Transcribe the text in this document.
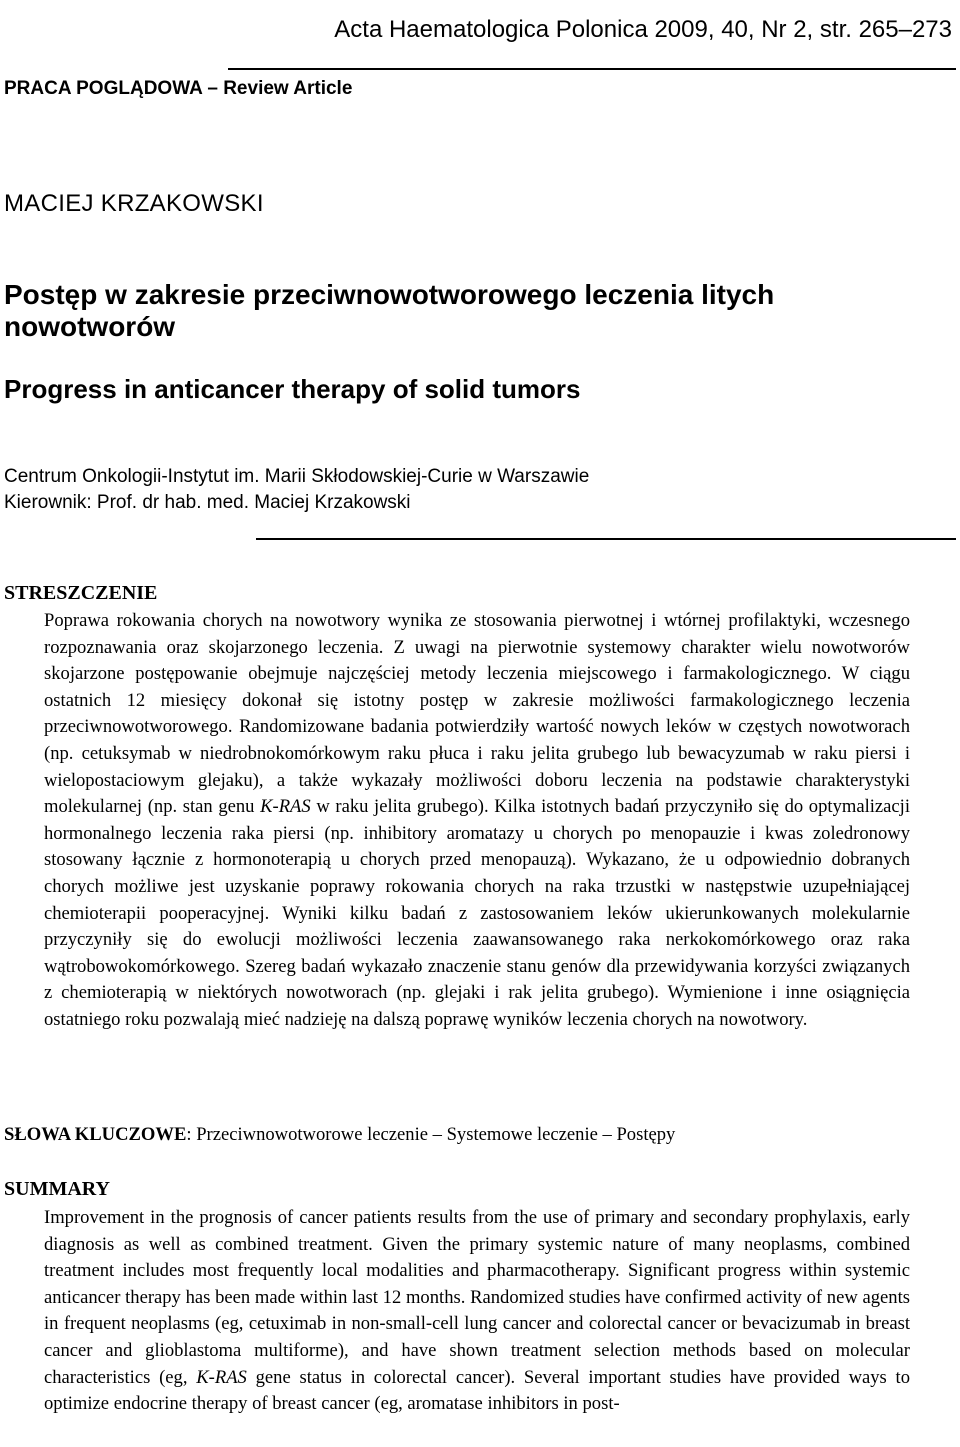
Acta Haematologica Polonica 2009, 40, Nr 2, str. 265–273
PRACA POGLĄDOWA – Review Article
MACIEJ KRZAKOWSKI
Postęp w zakresie przeciwnowotworowego leczenia litych nowotworów
Progress in anticancer therapy of solid tumors
Centrum Onkologii-Instytut im. Marii Skłodowskiej-Curie w Warszawie
Kierownik: Prof. dr hab. med. Maciej Krzakowski
STRESZCZENIE
Poprawa rokowania chorych na nowotwory wynika ze stosowania pierwotnej i wtórnej profilaktyki, wczesnego rozpoznawania oraz skojarzonego leczenia. Z uwagi na pierwotnie systemowy charakter wielu nowotworów skojarzone postępowanie obejmuje najczęściej metody leczenia miejscowego i farmakologicznego. W ciągu ostatnich 12 miesięcy dokonał się istotny postęp w zakresie możliwości farmakologicznego leczenia przeciwnowotworowego. Randomizowane badania potwierdziły wartość nowych leków w częstych nowotworach (np. cetuksymab w niedrobnokomórkowym raku płuca i raku jelita grubego lub bewacyzumab w raku piersi i wielopostaciowym glejaku), a także wykazały możliwości doboru leczenia na podstawie charakterystyki molekularnej (np. stan genu K-RAS w raku jelita grubego). Kilka istotnych badań przyczyniło się do optymalizacji hormonalnego leczenia raka piersi (np. inhibitory aromatazy u chorych po menopauzie i kwas zoledronowy stosowany łącznie z hormonoterapią u chorych przed menopauzą). Wykazano, że u odpowiednio dobranych chorych możliwe jest uzyskanie poprawy rokowania chorych na raka trzustki w następstwie uzupełniającej chemioterapii pooperacyjnej. Wyniki kilku badań z zastosowaniem leków ukierunkowanych molekularnie przyczyniły się do ewolucji możliwości leczenia zaawansowanego raka nerkokomórkowego oraz raka wątrobowokomórkowego. Szereg badań wykazało znaczenie stanu genów dla przewidywania korzyści związanych z chemioterapią w niektórych nowotworach (np. glejaki i rak jelita grubego). Wymienione i inne osiągnięcia ostatniego roku pozwalają mieć nadzieję na dalszą poprawę wyników leczenia chorych na nowotwory.
SŁOWA KLUCZOWE: Przeciwnowotworowe leczenie – Systemowe leczenie – Postępy
SUMMARY
Improvement in the prognosis of cancer patients results from the use of primary and secondary prophylaxis, early diagnosis as well as combined treatment. Given the primary systemic nature of many neoplasms, combined treatment includes most frequently local modalities and pharmacotherapy. Significant progress within systemic anticancer therapy has been made within last 12 months. Randomized studies have confirmed activity of new agents in frequent neoplasms (eg, cetuximab in non-small-cell lung cancer and colorectal cancer or bevacizumab in breast cancer and glioblastoma multiforme), and have shown treatment selection methods based on molecular characteristics (eg, K-RAS gene status in colorectal cancer). Several important studies have provided ways to optimize endocrine therapy of breast cancer (eg, aromatase inhibitors in post-
